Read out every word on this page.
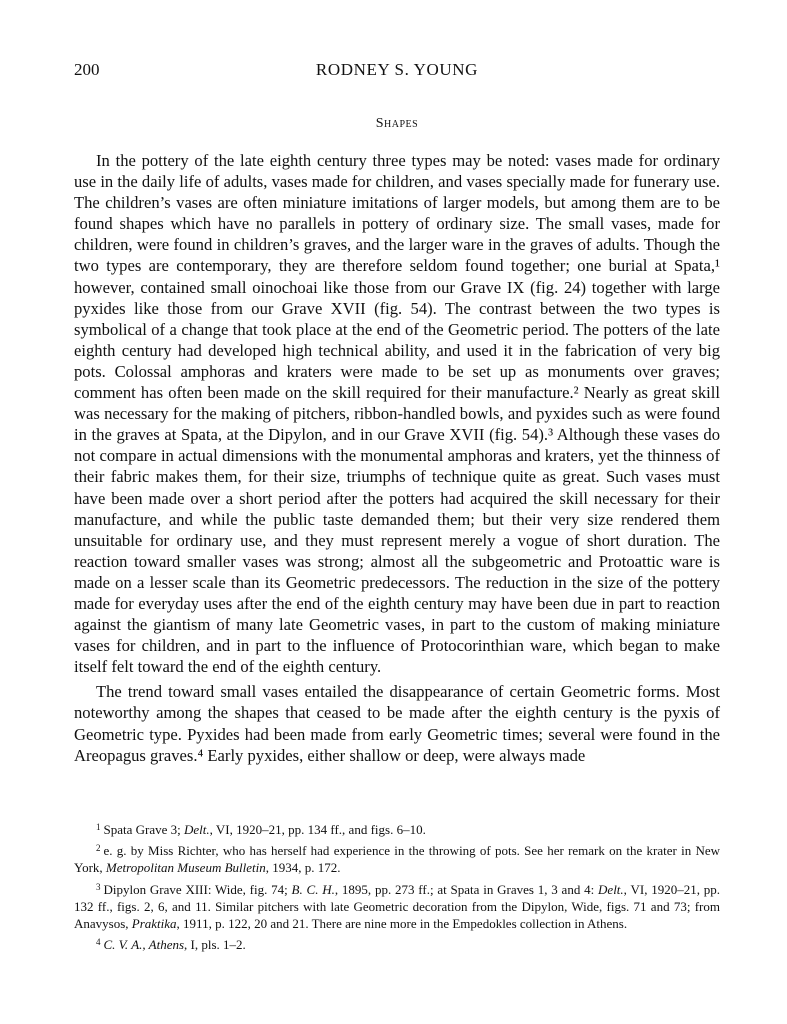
200	RODNEY S. YOUNG
Shapes

In the pottery of the late eighth century three types may be noted: vases made for ordinary use in the daily life of adults, vases made for children, and vases specially made for funerary use. The children’s vases are often miniature imitations of larger models, but among them are to be found shapes which have no parallels in pottery of ordinary size. The small vases, made for children, were found in children’s graves, and the larger ware in the graves of adults. Though the two types are contemporary, they are therefore seldom found together; one burial at Spata,¹ however, contained small oinochoai like those from our Grave IX (fig. 24) together with large pyxides like those from our Grave XVII (fig. 54). The contrast between the two types is symbolical of a change that took place at the end of the Geometric period. The potters of the late eighth century had developed high technical ability, and used it in the fabrication of very big pots. Colossal amphoras and kraters were made to be set up as monuments over graves; comment has often been made on the skill required for their manufacture.² Nearly as great skill was necessary for the making of pitchers, ribbon-handled bowls, and pyxides such as were found in the graves at Spata, at the Dipylon, and in our Grave XVII (fig. 54).³ Although these vases do not compare in actual dimensions with the monumental amphoras and kraters, yet the thinness of their fabric makes them, for their size, triumphs of technique quite as great. Such vases must have been made over a short period after the potters had acquired the skill necessary for their manufacture, and while the public taste demanded them; but their very size rendered them unsuitable for ordinary use, and they must represent merely a vogue of short duration. The reaction toward smaller vases was strong; almost all the subgeometric and Protoattic ware is made on a lesser scale than its Geometric predecessors. The reduction in the size of the pottery made for everyday uses after the end of the eighth century may have been due in part to reaction against the giantism of many late Geometric vases, in part to the custom of making miniature vases for children, and in part to the influence of Protocorinthian ware, which began to make itself felt toward the end of the eighth century.

The trend toward small vases entailed the disappearance of certain Geometric forms. Most noteworthy among the shapes that ceased to be made after the eighth century is the pyxis of Geometric type. Pyxides had been made from early Geometric times; several were found in the Areopagus graves.⁴ Early pyxides, either shallow or deep, were always made

$^1$ Spata Grave 3; Delt., VI, 1920–21, pp. 134 ff., and figs. 6–10.

$^2$ e. g. by Miss Richter, who has herself had experience in the throwing of pots. See her remark on the krater in New York, Metropolitan Museum Bulletin, 1934, p. 172.

$^3$ Dipylon Grave XIII: Wide, fig. 74; B. C. H., 1895, pp. 273 ff.; at Spata in Graves 1, 3 and 4: Delt., VI, 1920–21, pp. 132 ff., figs. 2, 6, and 11. Similar pitchers with late Geometric decoration from the Dipylon, Wide, figs. 71 and 73; from Anavysos, Praktika, 1911, p. 122, 20 and 21. There are nine more in the Empedokles collection in Athens.

$^4$ C. V. A., Athens, I, pls. 1–2.
